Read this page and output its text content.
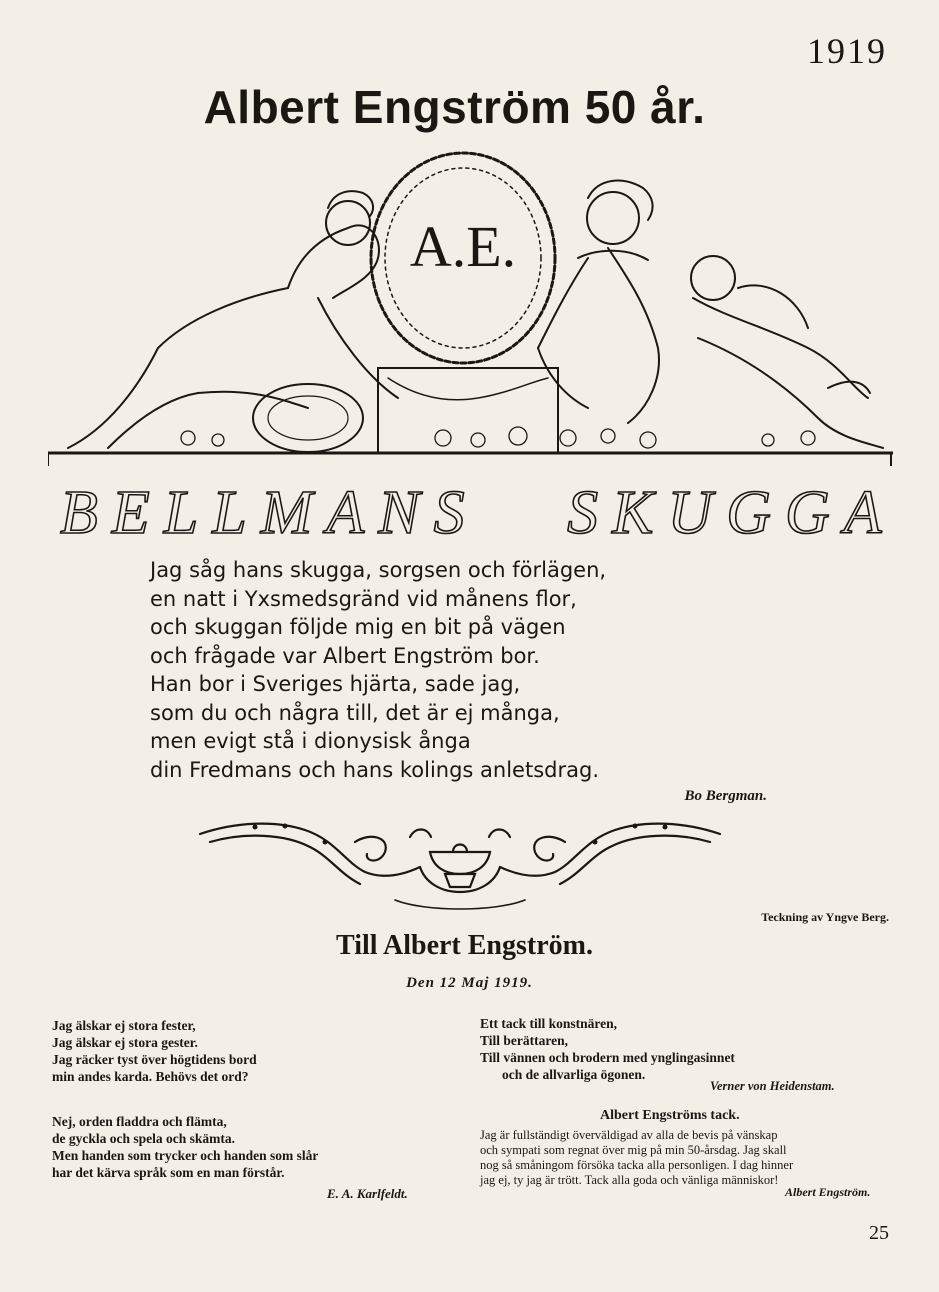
1919
Albert Engström 50 år.
A.E.
BELLMANS SKUGGA
Jag såg hans skugga, sorgsen och förlägen,
en natt i Yxsmedsgränd vid månens flor,
och skuggan följde mig en bit på vägen
och frågade var Albert Engström bor.
Han bor i Sveriges hjärta, sade jag,
som du och några till, det är ej många,
men evigt stå i dionysisk ånga
din Fredmans och hans kolings anletsdrag.
Bo Bergman.
Teckning av Yngve Berg.
Till Albert Engström.
Den 12 Maj 1919.
Jag älskar ej stora fester,
Jag älskar ej stora gester.
Jag räcker tyst över högtidens bord
min andes karda. Behövs det ord?
Nej, orden fladdra och flämta,
de gyckla och spela och skämta.
Men handen som trycker och handen som slår
har det kärva språk som en man förstår.
E. A. Karlfeldt.
Ett tack till konstnären,
Till berättaren,
Till vännen och brodern med ynglingasinnet
och de allvarliga ögonen.
Verner von Heidenstam.
Albert Engströms tack.
Jag är fullständigt överväldigad av alla de bevis på vänskap
och sympati som regnat över mig på min 50-årsdag. Jag skall
nog så småningom försöka tacka alla personligen. I dag hinner
jag ej, ty jag är trött. Tack alla goda och vänliga människor!
Albert Engström.
25
